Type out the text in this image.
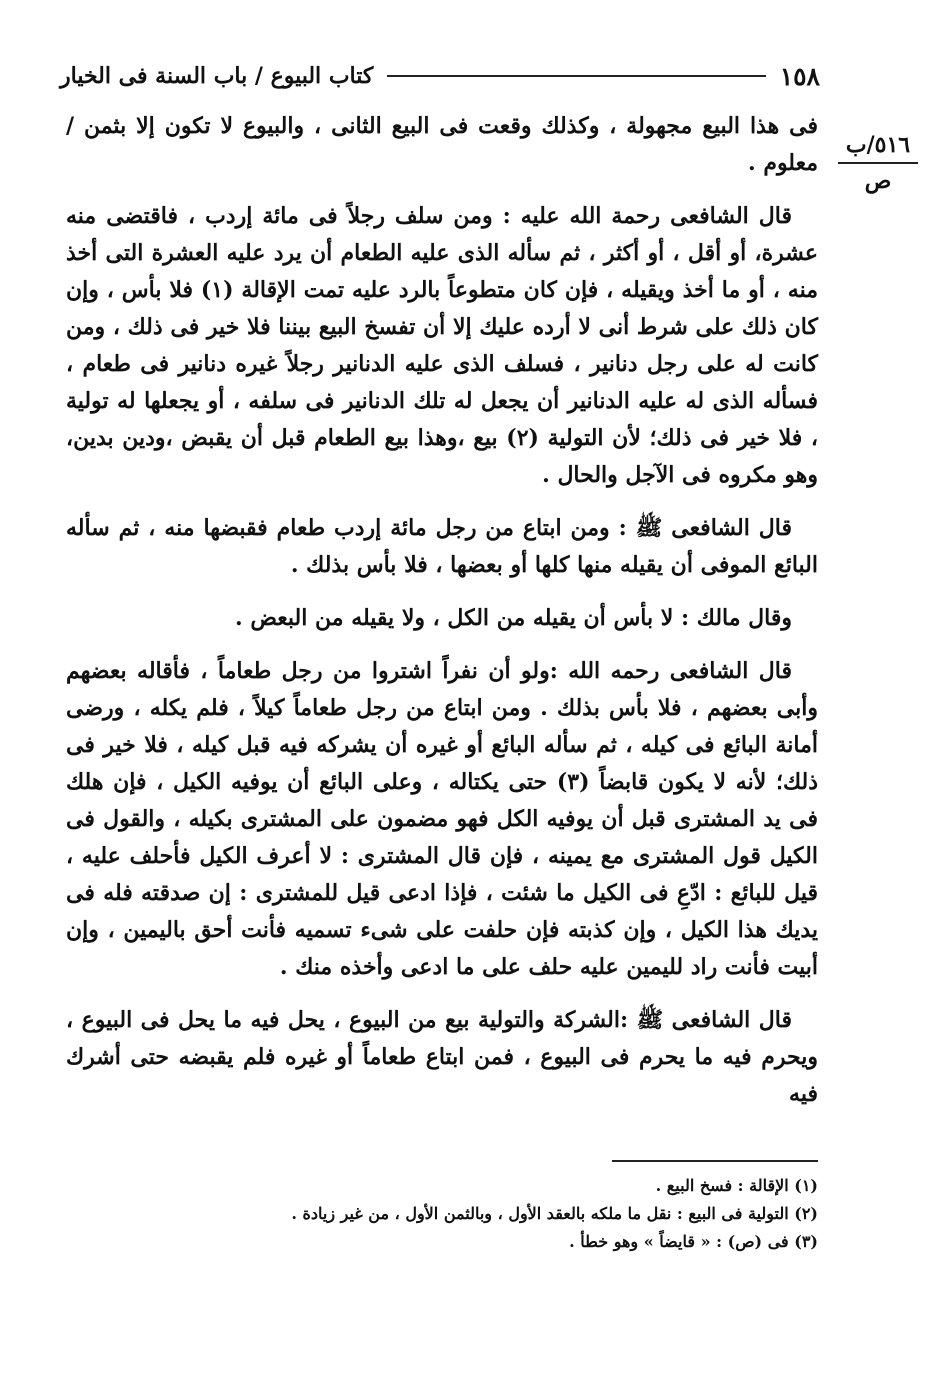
١٥٨
كتاب البيوع / باب السنة فى الخيار
٥١٦/ب
ص

فى هذا البيع مجهولة ، وكذلك وقعت فى البيع الثانى ، والبيوع لا تكون إلا بثمن / معلوم .

قال الشافعى رحمة الله عليه : ومن سلف رجلاً فى مائة إردب ، فاقتضى منه عشرة، أو أقل ، أو أكثر ، ثم سأله الذى عليه الطعام أن يرد عليه العشرة التى أخذ منه ، أو ما أخذ ويقيله ، فإن كان متطوعاً بالرد عليه تمت الإقالة (١) فلا بأس ، وإن كان ذلك على شرط أنى لا أرده عليك إلا أن تفسخ البيع بيننا فلا خير فى ذلك ، ومن كانت له على رجل دنانير ، فسلف الذى عليه الدنانير رجلاً غيره دنانير فى طعام ، فسأله الذى له عليه الدنانير أن يجعل له تلك الدنانير فى سلفه ، أو يجعلها له تولية ، فلا خير فى ذلك؛ لأن التولية (٢) بيع ،وهذا بيع الطعام قبل أن يقبض ،ودين بدين، وهو مكروه فى الآجل والحال .

قال الشافعى ﷺ : ومن ابتاع من رجل مائة إردب طعام فقبضها منه ، ثم سأله البائع الموفى أن يقيله منها كلها أو بعضها ، فلا بأس بذلك .

وقال مالك : لا بأس أن يقيله من الكل ، ولا يقيله من البعض .

قال الشافعى رحمه الله :ولو أن نفراً اشتروا من رجل طعاماً ، فأقاله بعضهم وأبى بعضهم ، فلا بأس بذلك . ومن ابتاع من رجل طعاماً كيلاً ، فلم يكله ، ورضى أمانة البائع فى كيله ، ثم سأله البائع أو غيره أن يشركه فيه قبل كيله ، فلا خير فى ذلك؛ لأنه لا يكون قابضاً (٣) حتى يكتاله ، وعلى البائع أن يوفيه الكيل ، فإن هلك فى يد المشترى قبل أن يوفيه الكل فهو مضمون على المشترى بكيله ، والقول فى الكيل قول المشترى مع يمينه ، فإن قال المشترى : لا أعرف الكيل فأحلف عليه ، قيل للبائع : ادّعِ فى الكيل ما شئت ، فإذا ادعى قيل للمشترى : إن صدقته فله فى يديك هذا الكيل ، وإن كذبته فإن حلفت على شىء تسميه فأنت أحق باليمين ، وإن أبيت فأنت راد لليمين عليه حلف على ما ادعى وأخذه منك .

قال الشافعى ﷺ :الشركة والتولية بيع من البيوع ، يحل فيه ما يحل فى البيوع ، ويحرم فيه ما يحرم فى البيوع ، فمن ابتاع طعاماً أو غيره فلم يقبضه حتى أشرك فيه

(١) الإقالة : فسخ البيع .
(٢) التولية فى البيع : نقل ما ملكه بالعقد الأول ، وبالثمن الأول ، من غير زيادة .
(٣) فى (ص) : « قايضاً » وهو خطأ .
